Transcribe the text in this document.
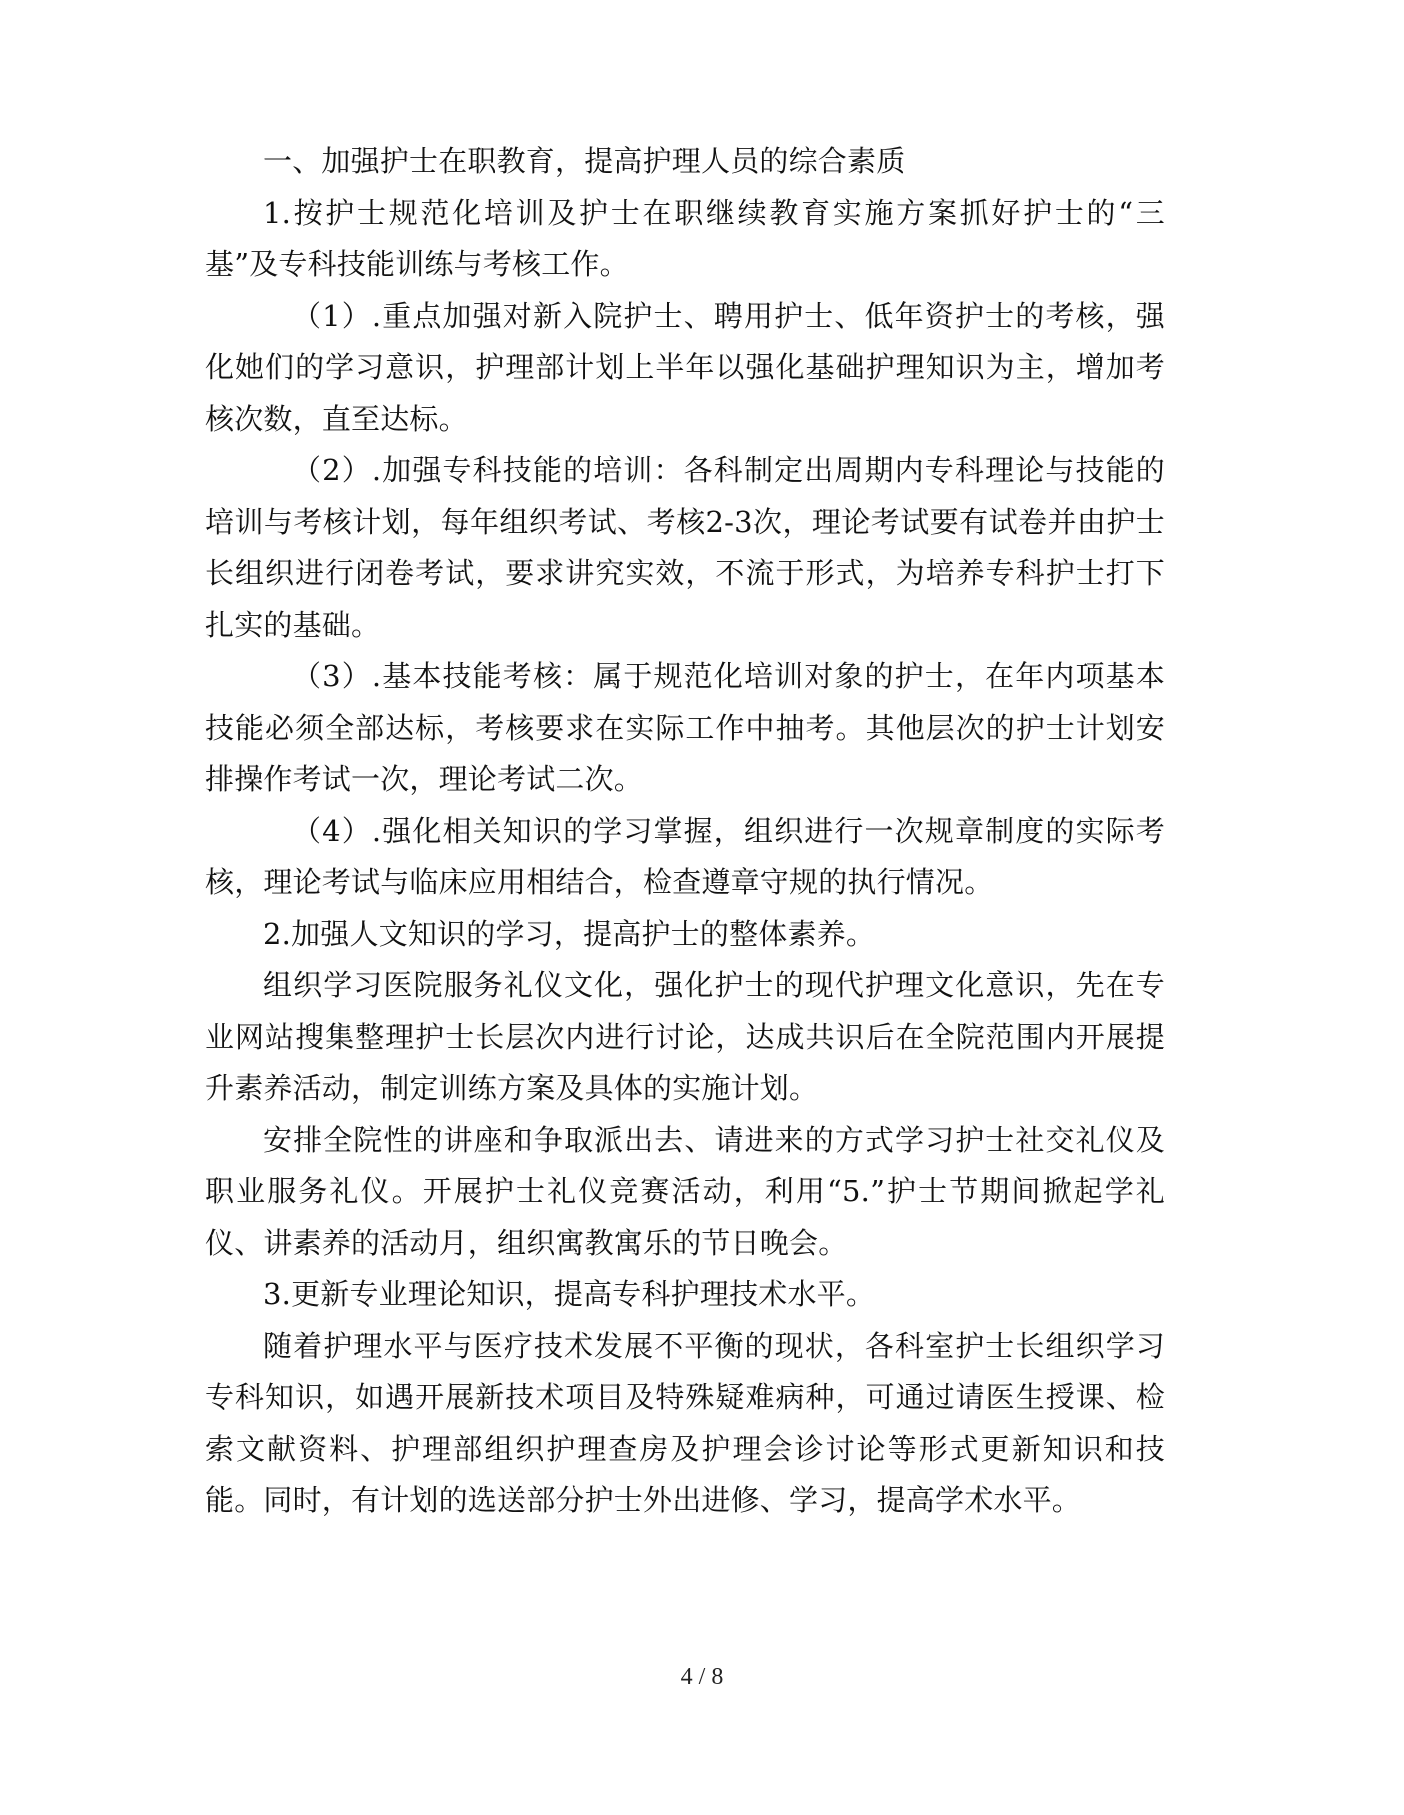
一、加强护士在职教育，提高护理人员的综合素质

1.按护士规范化培训及护士在职继续教育实施方案抓好护士的“三基”及专科技能训练与考核工作。

（1）.重点加强对新入院护士、聘用护士、低年资护士的考核，强化她们的学习意识，护理部计划上半年以强化基础护理知识为主，增加考核次数，直至达标。

（2）.加强专科技能的培训：各科制定出周期内专科理论与技能的培训与考核计划，每年组织考试、考核2-3次，理论考试要有试卷并由护士长组织进行闭卷考试，要求讲究实效，不流于形式，为培养专科护士打下扎实的基础。

（3）.基本技能考核：属于规范化培训对象的护士，在年内项基本技能必须全部达标，考核要求在实际工作中抽考。其他层次的护士计划安排操作考试一次，理论考试二次。

（4）.强化相关知识的学习掌握，组织进行一次规章制度的实际考核，理论考试与临床应用相结合，检查遵章守规的执行情况。

2.加强人文知识的学习，提高护士的整体素养。

组织学习医院服务礼仪文化，强化护士的现代护理文化意识，先在专业网站搜集整理护士长层次内进行讨论，达成共识后在全院范围内开展提升素养活动，制定训练方案及具体的实施计划。

安排全院性的讲座和争取派出去、请进来的方式学习护士社交礼仪及职业服务礼仪。开展护士礼仪竞赛活动，利用“5.”护士节期间掀起学礼仪、讲素养的活动月，组织寓教寓乐的节日晚会。

3.更新专业理论知识，提高专科护理技术水平。

随着护理水平与医疗技术发展不平衡的现状，各科室护士长组织学习专科知识，如遇开展新技术项目及特殊疑难病种，可通过请医生授课、检索文献资料、护理部组织护理查房及护理会诊讨论等形式更新知识和技能。同时，有计划的选送部分护士外出进修、学习，提高学术水平。

4 / 8
